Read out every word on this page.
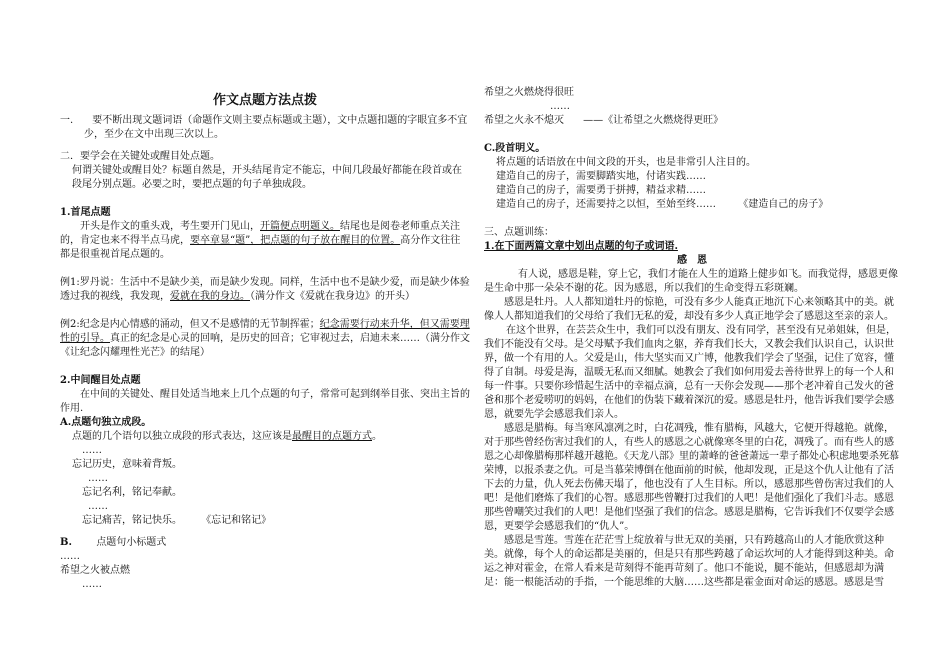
作文点题方法点拨

一. 要不断出现文题词语（命题作文则主要点标题或主题），文中点题扣题的字眼宜多不宜少，至少在文中出现三次以上。

二．要学会在关键处或醒目处点题。

何谓关键处或醒目处？标题自然是，开头结尾肯定不能忘，中间几段最好都能在段首或在段尾分别点题。必要之时，要把点题的句子单独成段。

1.首尾点题

开头是作文的重头戏，考生要开门见山，开篇便点明题义。结尾也是阅卷老师重点关注的，肯定也来不得半点马虎，要卒章显“题”，把点题的句子放在醒目的位置。高分作文往往都是很重视首尾点题的。

例1:罗丹说：生活中不是缺少美，而是缺少发现。同样，生活中也不是缺少爱，而是缺少体验透过我的视线，我发现，爱就在我的身边。（满分作文《爱就在我身边》的开头）

例2:纪念是内心情感的涌动，但又不是感情的无节制挥霍；纪念需要行动来升华，但又需要理性的引导。真正的纪念是心灵的回响，是历史的回音；它审视过去，启迪未来……（满分作文《让纪念闪耀理性光芒》的结尾）

2.中间醒目处点题

在中间的关键处、醒目处适当地来上几个点题的句子，常常可起到纲举目张、突出主旨的作用.

A.点题句独立成段。

点题的几个语句以独立成段的形式表达，这应该是最醒目的点题方式。

……

忘记历史，意味着背叛。

……

忘记名利，铭记奉献。

……

忘记痛苦，铭记快乐。 《忘记和铭记》

B. 点题句小标题式

……

希望之火被点燃

……

希望之火燃烧得很旺

……

希望之火永不熄灭 ——《让希望之火燃烧得更旺》

C.段首明义。

将点题的话语放在中间文段的开头，也是非常引人注目的。

建造自己的房子，需要脚踏实地，付诸实践……

建造自己的房子，需要勇于拼搏，精益求精……

建造自己的房子，还需要持之以恒，至始至终…… 《建造自己的房子》

三、点题训练：

1.在下面两篇文章中划出点题的句子或词语.

感　恩

有人说，感恩是鞋，穿上它，我们才能在人生的道路上健步如飞。而我觉得，感恩更像是生命中那一朵朵不谢的花。因为感恩，所以我们的生命变得五彩斑斓。

感恩是牡丹。人人都知道牡丹的惊艳，可没有多少人能真正地沉下心来领略其中的美。就像人人都知道我们的父母给了我们无私的爱，却没有多少人真正地学会了感恩这至亲的亲人。

在这个世界，在芸芸众生中，我们可以没有朋友、没有同学，甚至没有兄弟姐妹，但是，我们不能没有父母。是父母赋予我们血肉之躯，养育我们长大，又教会我们认识自己，认识世界，做一个有用的人。父爱是山，伟大坚实而又广博，他教我们学会了坚强，记住了宽容，懂得了自制。母爱是海，温暖无私而又细腻。她教会了我们如何用爱去善待世界上的每一个人和每一件事。只要你珍惜起生活中的幸福点滴，总有一天你会发现——那个老冲着自己发火的爸爸和那个老爱唠叨的妈妈，在他们的伪装下藏着深沉的爱。感恩是牡丹，他告诉我们要学会感恩，就要先学会感恩我们亲人。

感恩是腊梅。每当寒风凛冽之时，白花凋残，惟有腊梅，风越大，它便开得越艳。就像，对于那些曾经伤害过我们的人，有些人的感恩之心就像寒冬里的白花，凋残了。而有些人的感恩之心却像腊梅那样越开越艳。《天龙八部》里的萧峰的爸爸萧远一辈子都处心积虑地要杀死慕荣博，以报杀妻之仇。可是当慕荣博倒在他面前的时候，他却发现，正是这个仇人让他有了活下去的力量，仇人死去伤佛天塌了，他也没有了人生目标。所以，感恩那些曾伤害过我们的人吧！是他们磨炼了我们的心智。感恩那些曾鞭打过我们的人吧！是他们强化了我们斗志。感恩那些曾嘲笑过我们的人吧！是他们坚强了我们的信念。感恩是腊梅，它告诉我们不仅要学会感恩，更要学会感恩我们的“仇人”。

感恩是雪莲。雪莲在茫茫雪上绽放着与世无双的美丽，只有跨越高山的人才能欣赏这种美。就像，每个人的命运都是美丽的，但是只有那些跨越了命运坎坷的人才能得到这种美。命运之神对霍金，在常人看来是苛刻得不能再苛刻了。他口不能说，腿不能站，但感恩却为满足：能一根能活动的手指，一个能思维的大脑……这些都是霍金面对命运的感恩。感恩是雪
